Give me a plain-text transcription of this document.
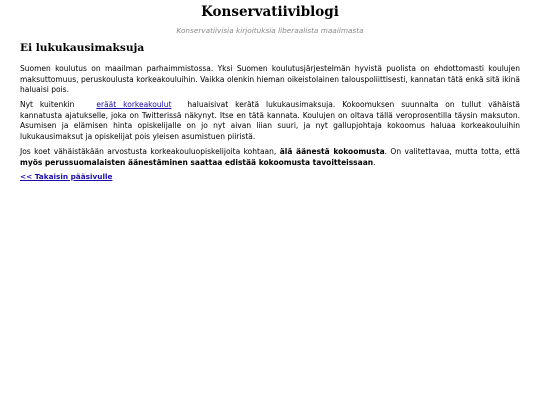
Konservatiiviblogi
Konservatiivisia kirjoituksia liberaalista maailmasta
Ei lukukausimaksuja

Suomen koulutus on maailman parhaimmistossa. Yksi Suomen koulutusjärjestelmän hyvistä puolista on ehdottomasti koulujen maksuttomuus, peruskoulusta korkeakouluihin. Vaikka olenkin hieman oikeistolainen talouspoliittisesti, kannatan tätä enkä sitä ikinä haluaisi pois.

Nyt kuitenkin	eräät korkeakoulut haluaisivat kerätä lukukausimaksuja. Kokoomuksen suunnalta on tullut vähäistä kannatusta ajatukselle, joka on Twitterissä näkynyt. Itse en tätä kannata. Koulujen on oltava tällä veroprosentilla täysin maksuton. Asumisen ja elämisen hinta opiskelijalle on jo nyt aivan liian suuri, ja nyt gallupjohtaja kokoomus haluaa korkeakouluihin lukukausimaksut ja opiskelijat pois yleisen asumistuen piiristä.

Jos koet vähäistäkään arvostusta korkeakouluopiskelijoita kohtaan, älä äänestä kokoomusta. On valitettavaa, mutta totta, että myös perussuomalaisten äänestäminen saattaa edistää kokoomusta tavoitteissaan.

<< Takaisin pääsivulle
